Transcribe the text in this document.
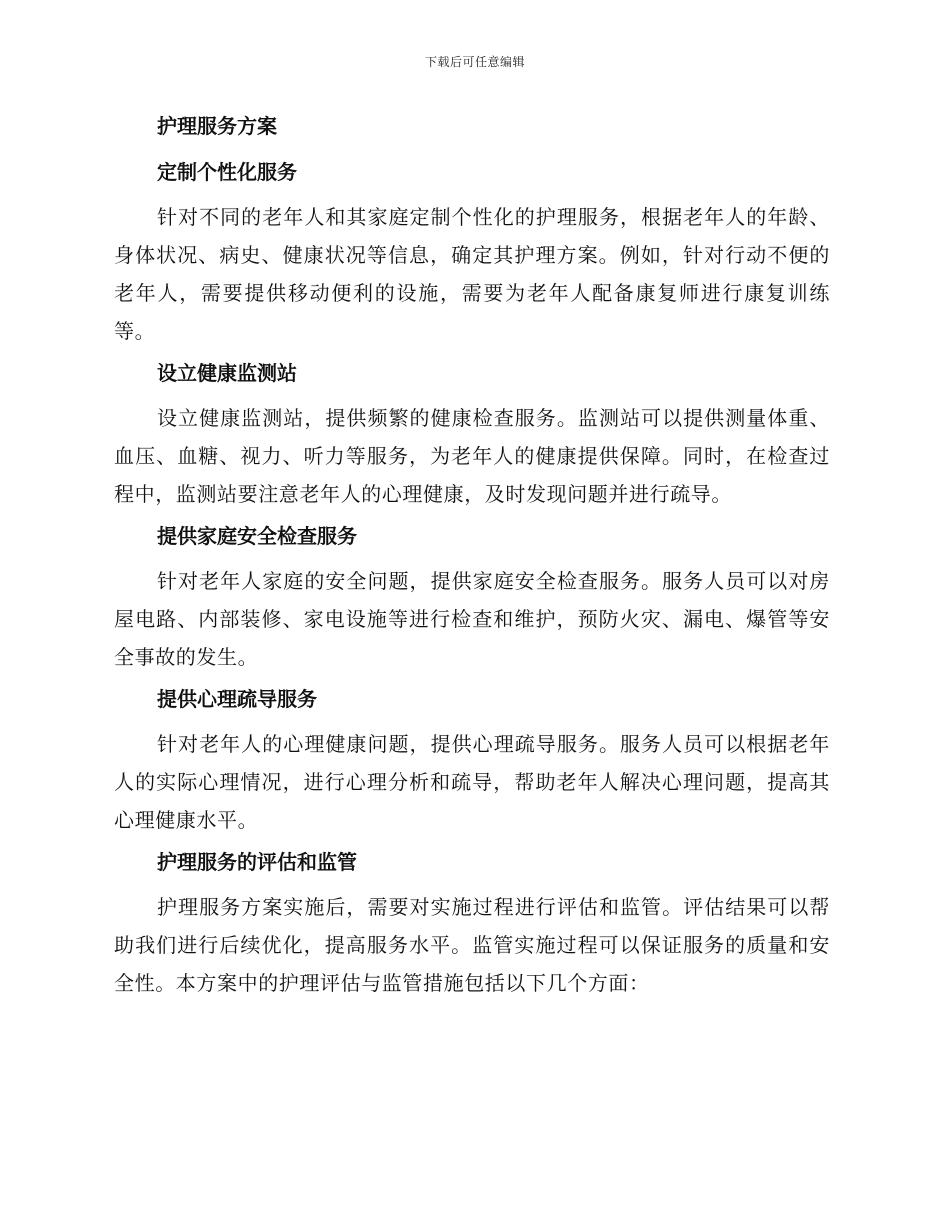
下载后可任意编辑
护理服务方案
定制个性化服务

针对不同的老年人和其家庭定制个性化的护理服务，根据老年人的年龄、身体状况、病史、健康状况等信息，确定其护理方案。例如，针对行动不便的老年人，需要提供移动便利的设施，需要为老年人配备康复师进行康复训练等。

设立健康监测站

设立健康监测站，提供频繁的健康检查服务。监测站可以提供测量体重、血压、血糖、视力、听力等服务，为老年人的健康提供保障。同时，在检查过程中，监测站要注意老年人的心理健康，及时发现问题并进行疏导。

提供家庭安全检查服务

针对老年人家庭的安全问题，提供家庭安全检查服务。服务人员可以对房屋电路、内部装修、家电设施等进行检查和维护，预防火灾、漏电、爆管等安全事故的发生。

提供心理疏导服务

针对老年人的心理健康问题，提供心理疏导服务。服务人员可以根据老年人的实际心理情况，进行心理分析和疏导，帮助老年人解决心理问题，提高其心理健康水平。

护理服务的评估和监管

护理服务方案实施后，需要对实施过程进行评估和监管。评估结果可以帮助我们进行后续优化，提高服务水平。监管实施过程可以保证服务的质量和安全性。本方案中的护理评估与监管措施包括以下几个方面：
